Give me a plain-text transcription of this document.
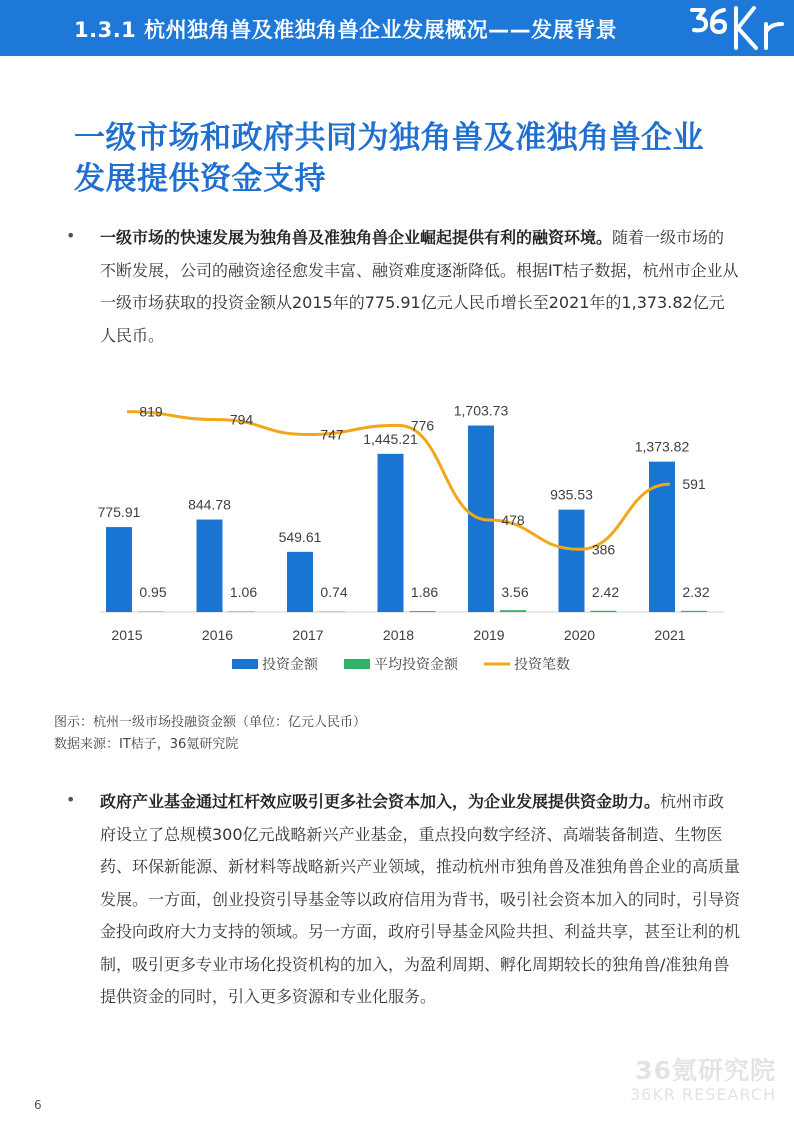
1.3.1 杭州独角兽及准独角兽企业发展概况——发展背景
一级市场和政府共同为独角兽及准独角兽企业
发展提供资金支持
• 一级市场的快速发展为独角兽及准独角兽企业崛起提供有利的融资环境。随着一级市场的不断发展，公司的融资途径愈发丰富、融资难度逐渐降低。根据IT桔子数据，杭州市企业从一级市场获取的投资金额从2015年的775.91亿元人民币增长至2021年的1,373.82亿元人民币。
775.91
0.95
2015
844.78
1.06
2016
549.61
0.74
2017
1,445.21
1.86
2018
1,703.73
3.56
2019
935.53
2.42
2020
1,373.82
2.32
2021
819	794
747
776
478
386
591
投资金额	平均投资金额	投资笔数
图示：杭州一级市场投融资金额（单位：亿元人民币）
数据来源：IT桔子，36氪研究院
• 政府产业基金通过杠杆效应吸引更多社会资本加入，为企业发展提供资金助力。杭州市政府设立了总规模300亿元战略新兴产业基金，重点投向数字经济、高端装备制造、生物医药、环保新能源、新材料等战略新兴产业领域，推动杭州市独角兽及准独角兽企业的高质量发展。一方面，创业投资引导基金等以政府信用为背书，吸引社会资本加入的同时，引导资金投向政府大力支持的领域。另一方面，政府引导基金风险共担、利益共享，甚至让利的机制，吸引更多专业市场化投资机构的加入，为盈利周期、孵化周期较长的独角兽/准独角兽提供资金的同时，引入更多资源和专业化服务。
36氪研究院
36KR RESEARCH
6
